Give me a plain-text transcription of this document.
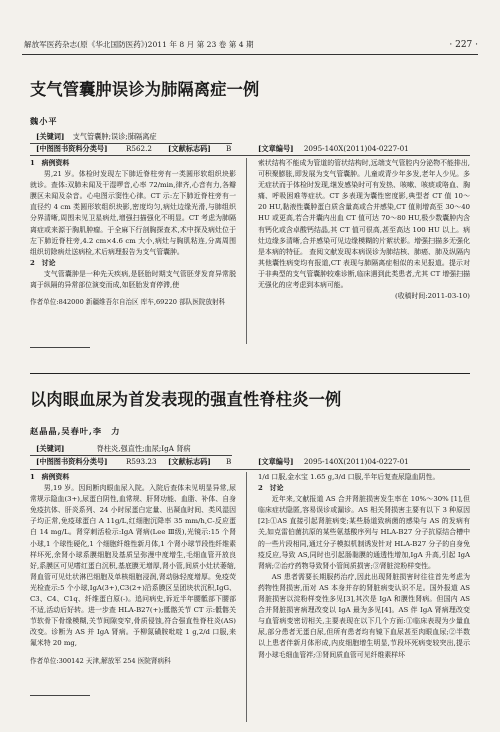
解放军医药杂志(原《华北国防医药》)2011 年 8 月 第 23 卷 第 4 期	· 227 ·
支气管囊肿误诊为肺隔离症一例
魏小平
[关键词] 支气管囊肿;误诊;肺隔离症
[中图图书资料分类号]	R562.2 [文献标志码] B	[文章编号] 2095-140X(2011)04-0227-01

1　病例资料

男,21 岁。体检时发现左下肺近脊柱旁有一类圆形软组织块影就诊。查体:双肺未闻及干湿啰音,心率 72/min,律齐,心音有力,各瓣膜区未闻及杂音。心电图示窦性心律。CT 示:左下肺近脊柱旁有一直径约 4 cm 类圆形软组织块影,密度均匀,病灶边缘光滑,与肺组织分界清晰,周围未见卫星病灶,增强扫描强化不明显。CT 考虑为肺隔离症或来源于胸肌肿瘤。于全麻下行剖胸探查术,术中探及病灶位于左下肺近脊柱旁,4.2 cm×4.6 cm 大小,病灶与胸肌粘连,分离周围组织切除病灶送病检,术后病理报告为支气管囊肿。

2　讨论

支气管囊肿是一种先天疾病,是胚胎时期支气管胚芽发育异常脱离于纵隔的异常部位演变而成,如胚胎发育停滞,使

作者单位:842000 新疆维吾尔自治区 库车,69220 部队医院放射科

索状结构不能成为管道的管状结构时,远端支气管腔内分泌物不能排出,可积聚膨胀,即发展为支气管囊肿。儿童或青少年多发,老年人少见。多无症状而于体检时发现,继发感染时可有发热、咳嗽、咳痰或咯血、胸痛、呼吸困难等症状。CT 多表现为囊性密度影,典型者 CT 值 10～20 HU,黏液性囊肿蛋白质含量高或合并感染,CT 值则增高至 30～40 HU 或更高,若合并囊内出血 CT 值可达 70～80 HU,极少数囊肿内含有钙化或含卓酸钙结晶,其 CT 值可很高,甚至高达 100 HU 以上。病灶边缘多清晰,合并感染可见边缘模糊的片絮状影。增强扫描多无强化是本病的特征。 查阅文献发现本病误诊为肺结核、肺癌、肺及纵隔内其他囊性病变均有报道,CT 表现与肺隔离症相似的未见报道。提示对于非典型的支气管囊肿较难诊断,临床遇到此类患者,尤其 CT 增强扫描无强化的应考虑到本病可能。

(收稿时间:2011-03-10)

以肉眼血尿为首发表现的强直性脊柱炎一例
赵晶晶,吴春叶,李　力
[关键词]	脊柱炎,强直性;血尿;IgA 肾病
[中图图书资料分类号]	R593.23 [文献标志码] B	[文章编号] 2095-140X(2011)04-0227-01

1　病例资料

男,19 岁。因间断肉眼血尿入院。入院后查体未见明显异常,尿常规示隐血(3+),尿蛋白阴性,血常规、肝肾功能、血脂、补体、自身免疫抗体、肝炎系列、24 小时尿蛋白定量、出凝血时间、类风湿因子均正常,免疫球蛋白 A 11g/L,红细胞沉降率 35 mm/h,C-反应蛋白 14 mg/L。肾穿刺活检示:IgA 肾病(Lee Ⅲ级),光镜示:15 个肾小球,1 个球性硬化,1 个细胞纤维性新月体,1 个肾小球节段性纤维素样坏死,余肾小球系膜细胞及基质呈弥漫中度增生,毛细血管开放良好,系膜区可见嗜红蛋白沉积,基底膜无增厚,肾小管,间质小灶状萎缩,肾血管可见灶状淋巴细胞及单核细胞浸润,肾动脉轻度增厚。免疫荧光检查示:5 个小球,IgA(3+),C3(2+)沿系膜区呈团块状沉积,IgG、C3、C4、C1q、纤维蛋白原(-)。追问病史,诉近半年腰骶部下腰部不适,活动后好转。进一步查 HLA-B27(+);骶髂关节 CT 示:骶髂关节软骨下骨缘模糊,关节间隙变窄,骨质侵蚀,符合强直性脊柱炎(AS)改变。诊断为 AS 并 IgA 肾病。予柳氮磺胺吡啶 1 g,2/d 口服,来氟米特 20 mg,

作者单位:300142 天津,解放军 254 医院肾病科

1/d 口服,金水宝 1.65 g,3/d 口服,半年后复查尿隐血阴性。

2　讨论

近年来,文献报道 AS 合并肾脏损害发生率在 10%～30% [1],但临床症状隐匿,容易误诊或漏诊。AS 相关肾损害主要有以下 3 种原因[2]:①AS 直接引起肾脏病变;某些肠道致病菌的感染与 AS 的发病有关,如克雷伯菌抗原的某些氨基酸序列与 HLA-B27 分子抗原结合槽中的一些片段相同,通过分子模拟机制诱发针对 HLA-B27 分子的自身免疫反应,导致 AS,同时也引起肠黏膜的通透性增加,IgA 升高,引起 IgA 肾病;②治疗药物导致肾小管间质损害;③肾脏淀粉样变性。

AS 患者需要长期服药治疗,因此出现肾脏损害时往往首先考虑为药物性肾损害,而对 AS 本身并存的肾脏病变认识不足。国外报道 AS 肾脏损害以淀粉样变性多见[3],其次是 IgA 和膜性肾病。但国内 AS 合并肾脏损害病理改变以 IgA 最为多见[4]。AS 伴 IgA 肾病理改变与血管病变密切相关,主要表现在以下几个方面:①临床表现为少量血尿,部分患者无蛋白尿,但所有患者均有镜下血尿甚至肉眼血尿;②半数以上患者伴新月体形成,内皮细胞增生明显,节段坏死病变较突出,提示肾小球毛细血管袢;③肾间质血管可见纤维素样坏
